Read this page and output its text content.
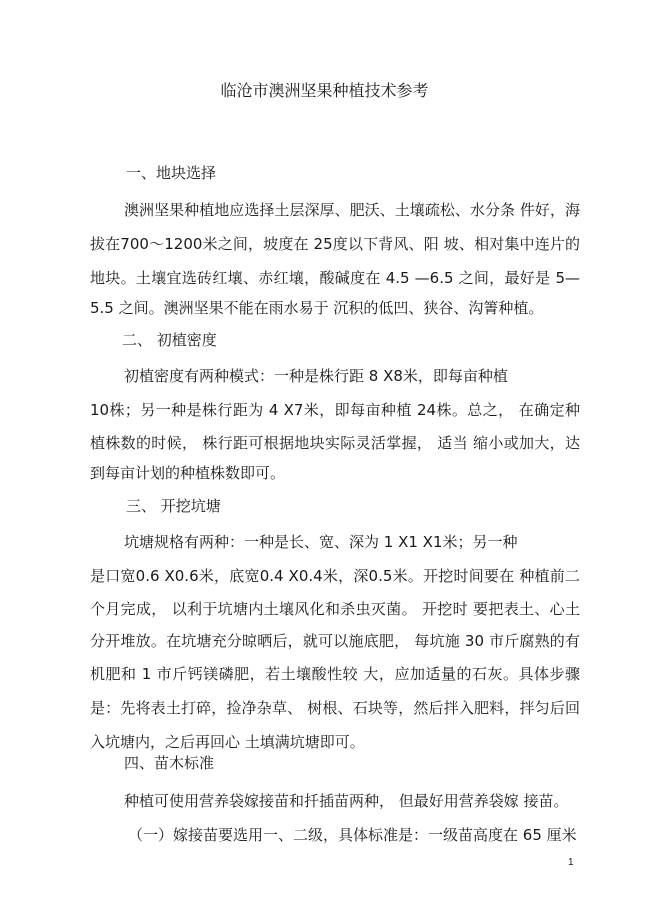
临沧市澳洲坚果种植技术参考
一、地块选择
澳洲坚果种植地应选择土层深厚、肥沃、土壤疏松、水分条 件好，海
拔在700～1200米之间，坡度在 25度以下背风、阳 坡、相对集中连片的
地块。土壤宜选砖红壤、赤红壤，酸碱度在 4.5 —6.5 之间，最好是 5—
5.5 之间。澳洲坚果不能在雨水易于 沉积的低凹、狭谷、沟箐种植。
二、 初植密度
初植密度有两种模式：一种是株行距 8 X8米，即每亩种植
10株；另一种是株行距为 4 X7米，即每亩种植 24株。总之， 在确定种
植株数的时候， 株行距可根据地块实际灵活掌握， 适当 缩小或加大，达
到每亩计划的种植株数即可。
三、 开挖坑塘
坑塘规格有两种：一种是长、宽、深为 1 X1 X1米；另一种
是口宽0.6 X0.6米，底宽0.4 X0.4米，深0.5米。开挖时间要在 种植前二
个月完成， 以利于坑塘内土壤风化和杀虫灭菌。 开挖时 要把表土、心土
分开堆放。在坑塘充分晾晒后，就可以施底肥， 每坑施 30 市斤腐熟的有
机肥和 1 市斤钙镁磷肥，若土壤酸性较 大，应加适量的石灰。具体步骤
是：先将表土打碎，捡净杂草、 树根、石块等，然后拌入肥料，拌匀后回
入坑塘内，之后再回心 土填满坑塘即可。
四、苗木标准
种植可使用营养袋嫁接苗和扦插苗两种， 但最好用营养袋嫁 接苗。
（一）嫁接苗要选用一、二级，具体标准是：一级苗高度在 65 厘米
1
